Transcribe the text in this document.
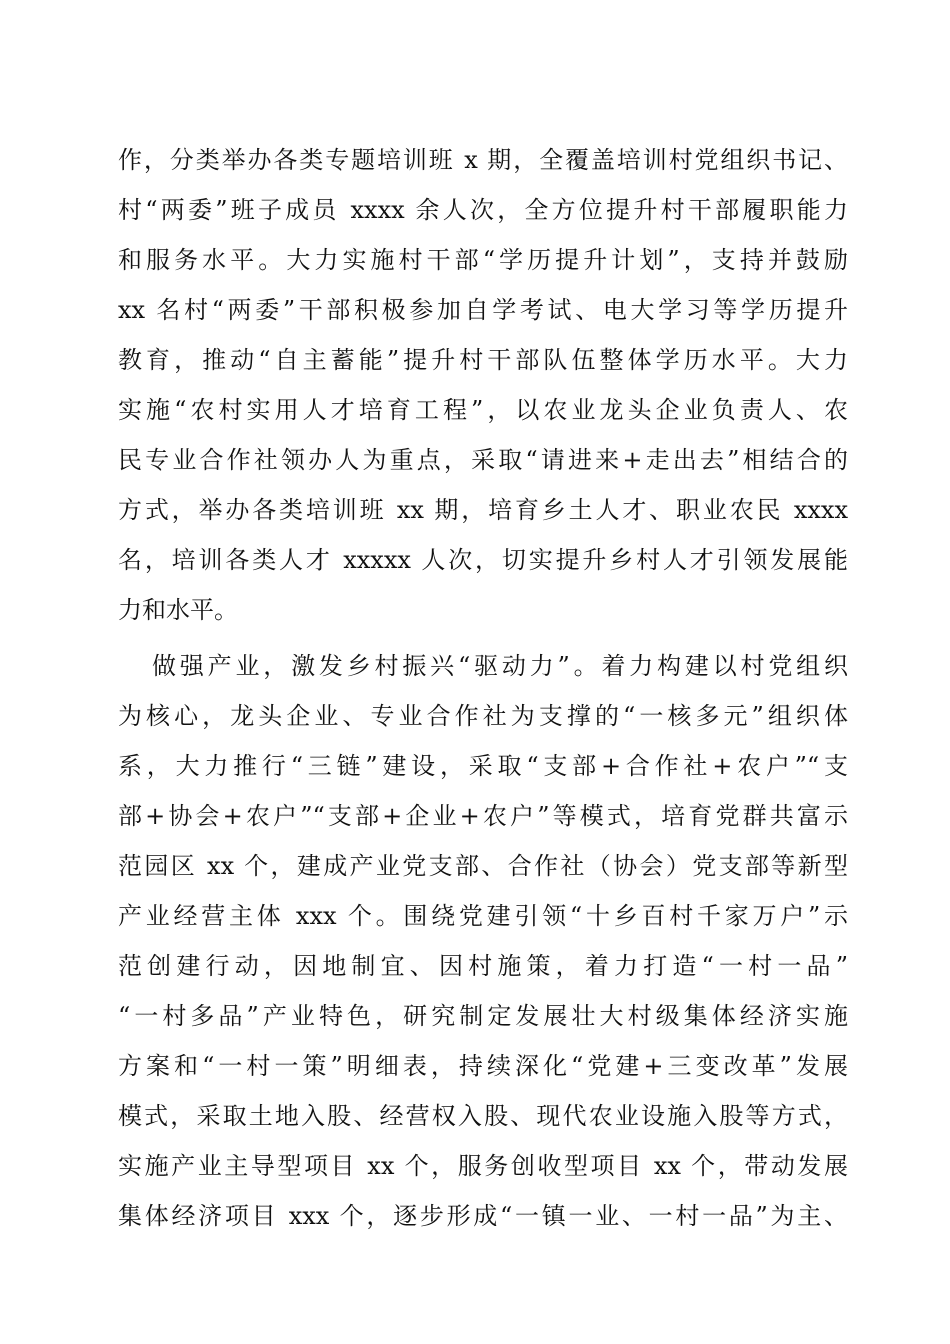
作，分类举办各类专题培训班 x 期，全覆盖培训村党组织书记、
村“两委”班子成员 xxxx 余人次，全方位提升村干部履职能力
和服务水平。大力实施村干部“学历提升计划”，支持并鼓励
xx 名村“两委”干部积极参加自学考试、电大学习等学历提升
教育，推动“自主蓄能”提升村干部队伍整体学历水平。大力
实施“农村实用人才培育工程”，以农业龙头企业负责人、农
民专业合作社领办人为重点，采取“请进来+走出去”相结合的
方式，举办各类培训班 xx 期，培育乡土人才、职业农民 xxxx
名，培训各类人才 xxxxx 人次，切实提升乡村人才引领发展能
力和水平。
做强产业，激发乡村振兴“驱动力”。着力构建以村党组织
为核心，龙头企业、专业合作社为支撑的“一核多元”组织体
系，大力推行“三链”建设，采取“支部+合作社+农户”“支
部+协会+农户”“支部+企业+农户”等模式，培育党群共富示
范园区 xx 个，建成产业党支部、合作社（协会）党支部等新型
产业经营主体 xxx 个。围绕党建引领“十乡百村千家万户”示
范创建行动，因地制宜、因村施策，着力打造“一村一品”
“一村多品”产业特色，研究制定发展壮大村级集体经济实施
方案和“一村一策”明细表，持续深化“党建+三变改革”发展
模式，采取土地入股、经营权入股、现代农业设施入股等方式，
实施产业主导型项目 xx 个，服务创收型项目 xx 个，带动发展
集体经济项目 xxx 个，逐步形成“一镇一业、一村一品”为主、
